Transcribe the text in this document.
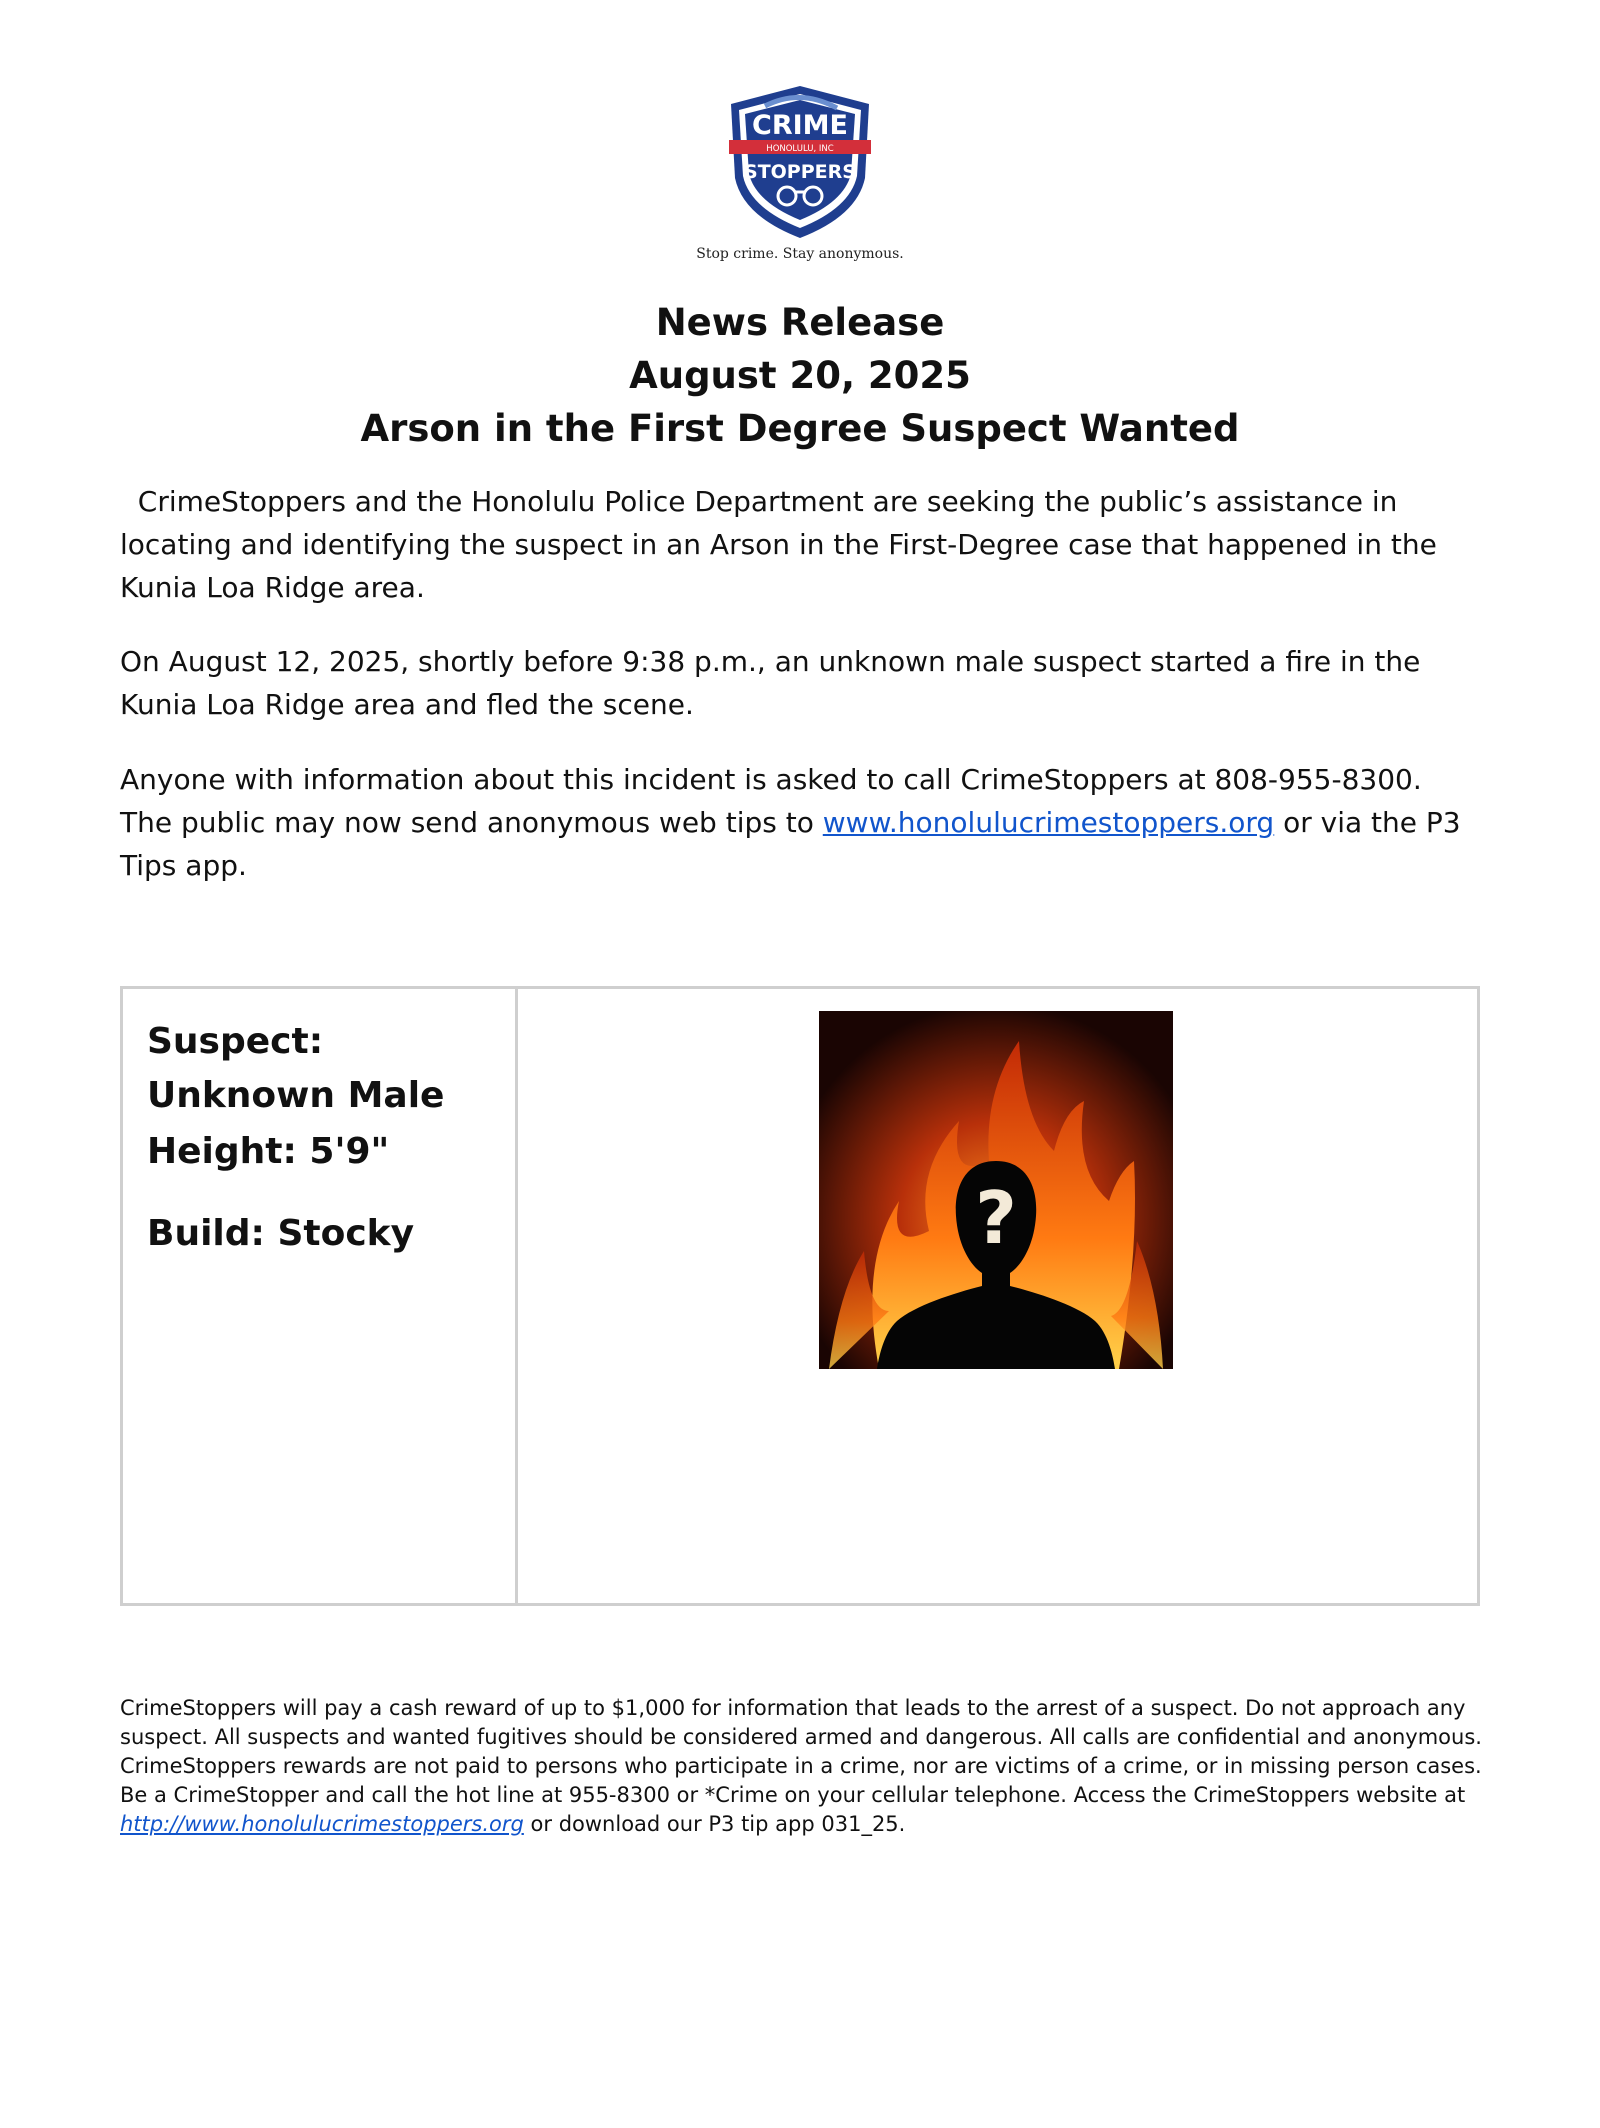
CRIME
HONOLULU, INC
STOPPERS
Stop crime. Stay anonymous.
News Release
August 20, 2025
Arson in the First Degree Suspect Wanted

CrimeStoppers and the Honolulu Police Department are seeking the public’s assistance in locating and identifying the suspect in an Arson in the First-Degree case that happened in the Kunia Loa Ridge area.

On August 12, 2025, shortly before 9:38 p.m., an unknown male suspect started a fire in the Kunia Loa Ridge area and fled the scene.

Anyone with information about this incident is asked to call CrimeStoppers at 808-955-8300. The public may now send anonymous web tips to www.honolulucrimestoppers.org or via the P3 Tips app.

Suspect: Unknown Male
Height: 5'9"
Build: Stocky	?

CrimeStoppers will pay a cash reward of up to $1,000 for information that leads to the arrest of a suspect. Do not approach any suspect. All suspects and wanted fugitives should be considered armed and dangerous. All calls are confidential and anonymous. CrimeStoppers rewards are not paid to persons who participate in a crime, nor are victims of a crime, or in missing person cases. Be a CrimeStopper and call the hot line at 955-8300 or *Crime on your cellular telephone. Access the CrimeStoppers website at http://www.honolulucrimestoppers.org or download our P3 tip app 031_25.
